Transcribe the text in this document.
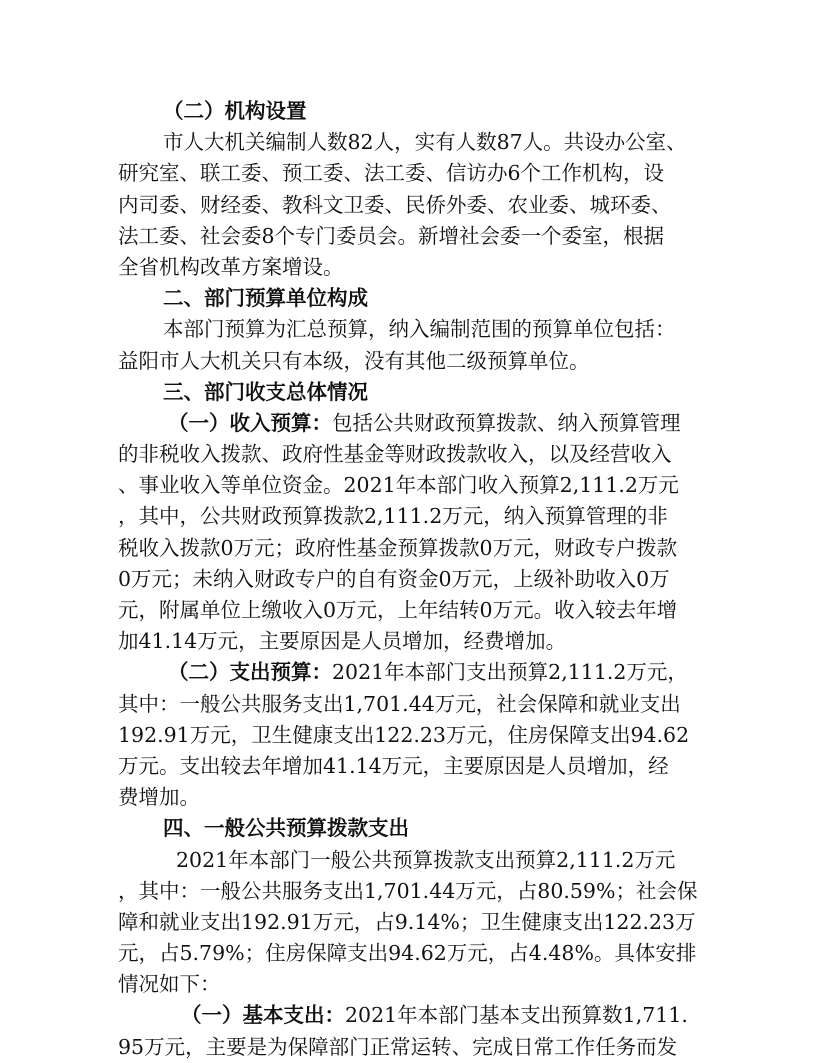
（二）机构设置
市人大机关编制人数82人，实有人数87人。共设办公室、
研究室、联工委、预工委、法工委、信访办6个工作机构，设
内司委、财经委、教科文卫委、民侨外委、农业委、城环委、
法工委、社会委8个专门委员会。新增社会委一个委室，根据
全省机构改革方案增设。
二、部门预算单位构成
本部门预算为汇总预算，纳入编制范围的预算单位包括：
益阳市人大机关只有本级，没有其他二级预算单位。
三、部门收支总体情况
（一）收入预算：包括公共财政预算拨款、纳入预算管理
的非税收入拨款、政府性基金等财政拨款收入，以及经营收入
、事业收入等单位资金。2021年本部门收入预算2,111.2万元
，其中，公共财政预算拨款2,111.2万元，纳入预算管理的非
税收入拨款0万元；政府性基金预算拨款0万元，财政专户拨款
0万元；未纳入财政专户的自有资金0万元，上级补助收入0万
元，附属单位上缴收入0万元，上年结转0万元。收入较去年增
加41.14万元，主要原因是人员增加，经费增加。
（二）支出预算：2021年本部门支出预算2,111.2万元，
其中：一般公共服务支出1,701.44万元，社会保障和就业支出
192.91万元，卫生健康支出122.23万元，住房保障支出94.62
万元。支出较去年增加41.14万元，主要原因是人员增加，经
费增加。
四、一般公共预算拨款支出
2021年本部门一般公共预算拨款支出预算2,111.2万元
，其中：一般公共服务支出1,701.44万元，占80.59%；社会保
障和就业支出192.91万元，占9.14%；卫生健康支出122.23万
元，占5.79%；住房保障支出94.62万元，占4.48%。具体安排
情况如下：
（一）基本支出：2021年本部门基本支出预算数1,711.
95万元，主要是为保障部门正常运转、完成日常工作任务而发
